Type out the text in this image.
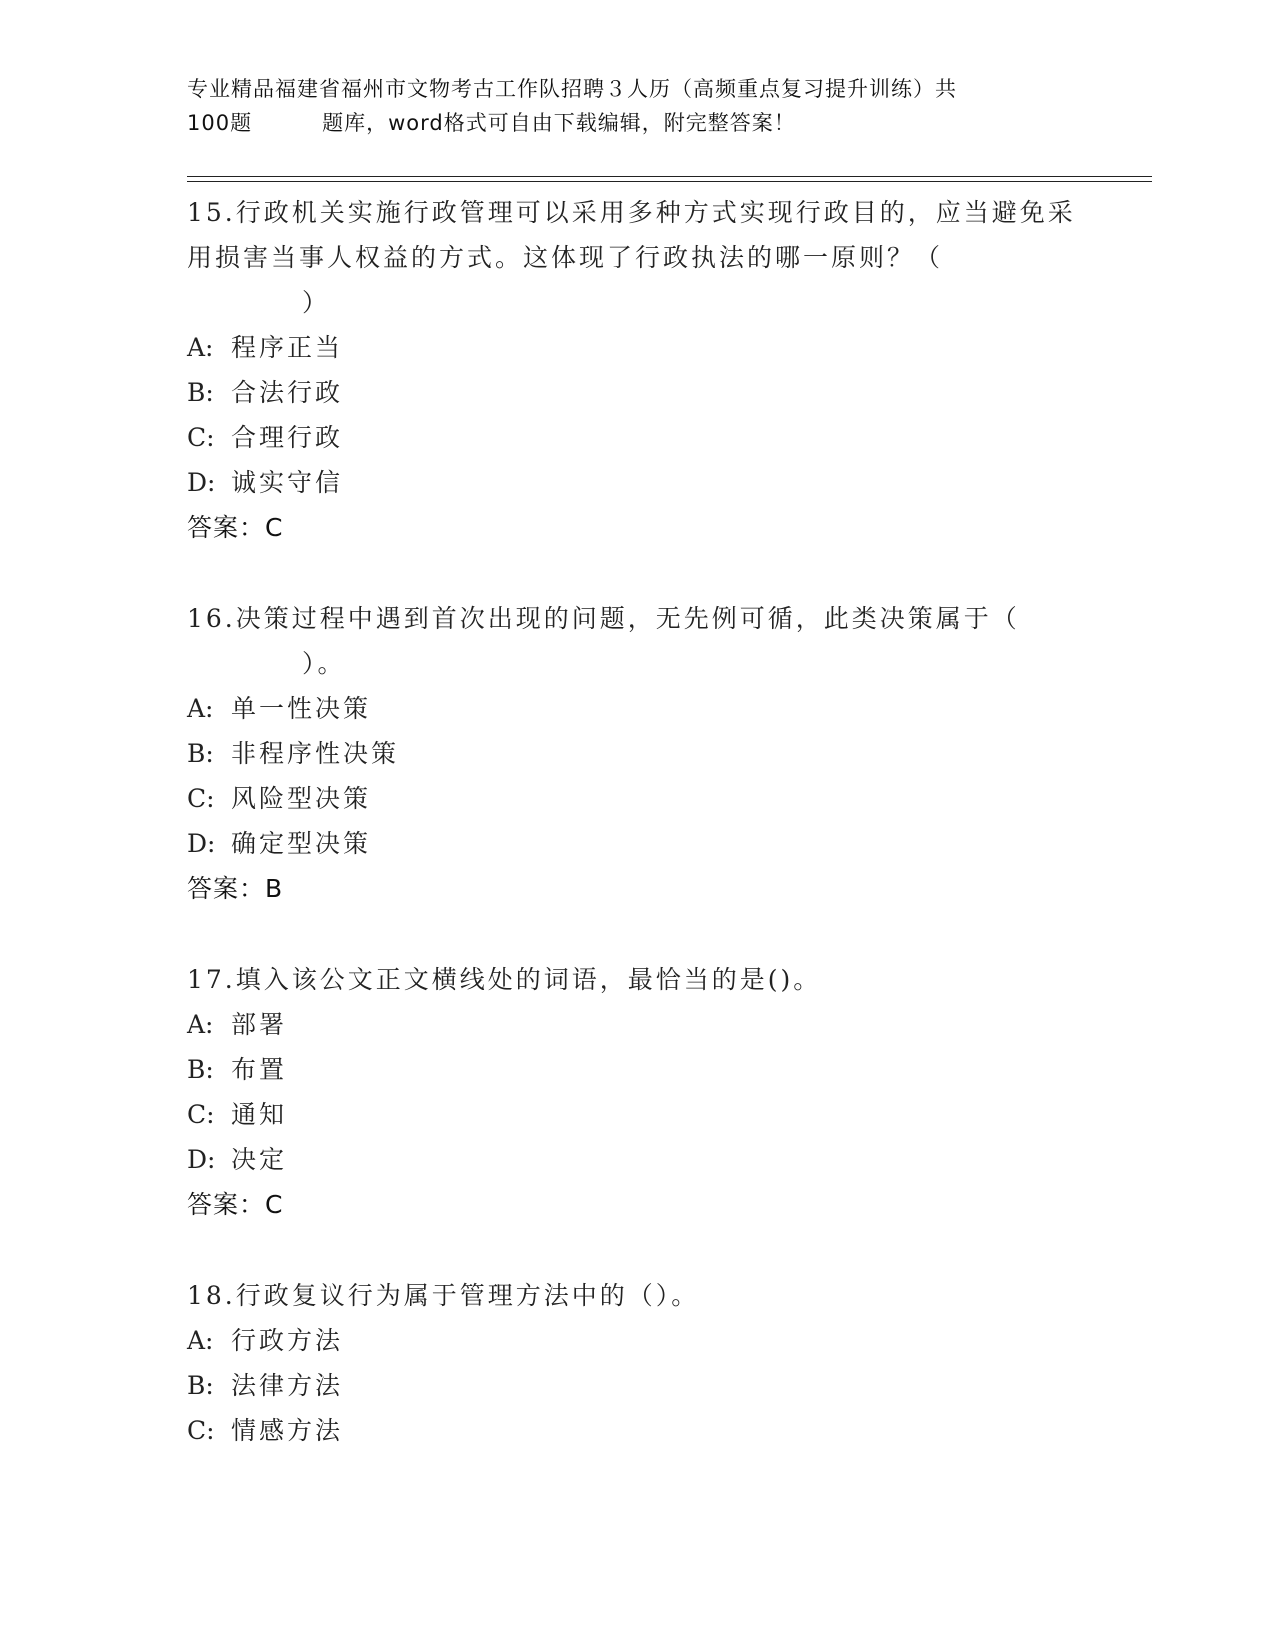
专业精品福建省福州市文物考古工作队招聘３人历（高频重点复习提升训练）共
100题	题库，word格式可自由下载编辑，附完整答案！
15.行政机关实施行政管理可以采用多种方式实现行政目的，应当避免采用损害当事人权益的方式。这体现了行政执法的哪一原则？（
）
A: 程序正当
B: 合法行政
C: 合理行政
D: 诚实守信
答案：C
16.决策过程中遇到首次出现的问题，无先例可循，此类决策属于（
）。
A: 单一性决策
B: 非程序性决策
C: 风险型决策
D: 确定型决策
答案：B
17.填入该公文正文横线处的词语，最恰当的是()。
A: 部署
B: 布置
C: 通知
D: 决定
答案：C
18.行政复议行为属于管理方法中的（）。
A: 行政方法
B: 法律方法
C: 情感方法
